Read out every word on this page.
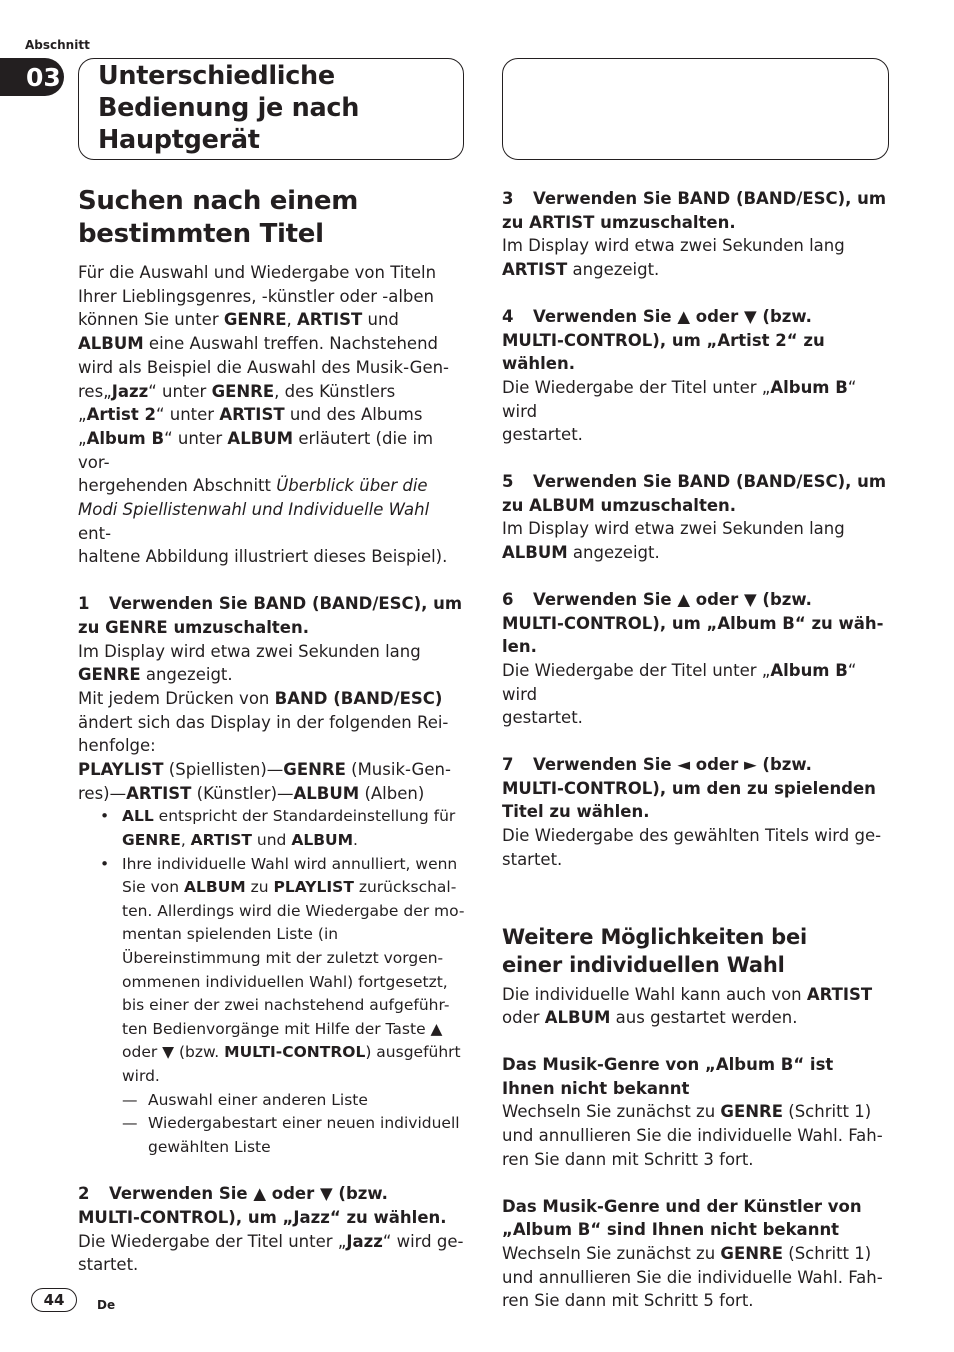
Abschnitt
03 Unterschiedliche
Bedienung je nach
Hauptgerät
Suchen nach einem
bestimmten Titel
Für die Auswahl und Wiedergabe von Titeln
Ihrer Lieblingsgenres, -künstler oder -alben
können Sie unter GENRE, ARTIST und
ALBUM eine Auswahl treffen. Nachstehend
wird als Beispiel die Auswahl des Musik-Gen-
res„Jazz“ unter GENRE, des Künstlers
„Artist 2“ unter ARTIST und des Albums
„Album B“ unter ALBUM erläutert (die im vor-
hergehenden Abschnitt Überblick über die
Modi Spiellistenwahl und Individuelle Wahl ent-
haltene Abbildung illustriert dieses Beispiel).
1 Verwenden Sie BAND (BAND/ESC), um
zu GENRE umzuschalten.
Im Display wird etwa zwei Sekunden lang
GENRE angezeigt.
Mit jedem Drücken von BAND (BAND/ESC)
ändert sich das Display in der folgenden Rei-
henfolge:
PLAYLIST (Spiellisten)—GENRE (Musik-Gen-
res)—ARTIST (Künstler)—ALBUM (Alben)
• ALL entspricht der Standardeinstellung für
GENRE, ARTIST und ALBUM.
• Ihre individuelle Wahl wird annulliert, wenn
Sie von ALBUM zu PLAYLIST zurückschal-
ten. Allerdings wird die Wiedergabe der mo-
mentan spielenden Liste (in
Übereinstimmung mit der zuletzt vorgen-
ommenen individuellen Wahl) fortgesetzt,
bis einer der zwei nachstehend aufgeführ-
ten Bedienvorgänge mit Hilfe der Taste ▲
oder ▼ (bzw. MULTI-CONTROL) ausgeführt
wird.
— Auswahl einer anderen Liste
— Wiedergabestart einer neuen individuell
gewählten Liste
2 Verwenden Sie ▲ oder ▼ (bzw.
MULTI-CONTROL), um „Jazz“ zu wählen.
Die Wiedergabe der Titel unter „Jazz“ wird ge-
startet.
3 Verwenden Sie BAND (BAND/ESC), um
zu ARTIST umzuschalten.
Im Display wird etwa zwei Sekunden lang
ARTIST angezeigt.
4 Verwenden Sie ▲ oder ▼ (bzw.
MULTI-CONTROL), um „Artist 2“ zu wählen.
Die Wiedergabe der Titel unter „Album B“ wird
gestartet.
5 Verwenden Sie BAND (BAND/ESC), um
zu ALBUM umzuschalten.
Im Display wird etwa zwei Sekunden lang
ALBUM angezeigt.
6 Verwenden Sie ▲ oder ▼ (bzw.
MULTI-CONTROL), um „Album B“ zu wäh-
len.
Die Wiedergabe der Titel unter „Album B“ wird
gestartet.
7 Verwenden Sie ◄ oder ► (bzw.
MULTI-CONTROL), um den zu spielenden
Titel zu wählen.
Die Wiedergabe des gewählten Titels wird ge-
startet.
Weitere Möglichkeiten bei
einer individuellen Wahl
Die individuelle Wahl kann auch von ARTIST
oder ALBUM aus gestartet werden.
Das Musik-Genre von „Album B“ ist
Ihnen nicht bekannt
Wechseln Sie zunächst zu GENRE (Schritt 1)
und annullieren Sie die individuelle Wahl. Fah-
ren Sie dann mit Schritt 3 fort.
Das Musik-Genre und der Künstler von
„Album B“ sind Ihnen nicht bekannt
Wechseln Sie zunächst zu GENRE (Schritt 1)
und annullieren Sie die individuelle Wahl. Fah-
ren Sie dann mit Schritt 5 fort.
44	De
